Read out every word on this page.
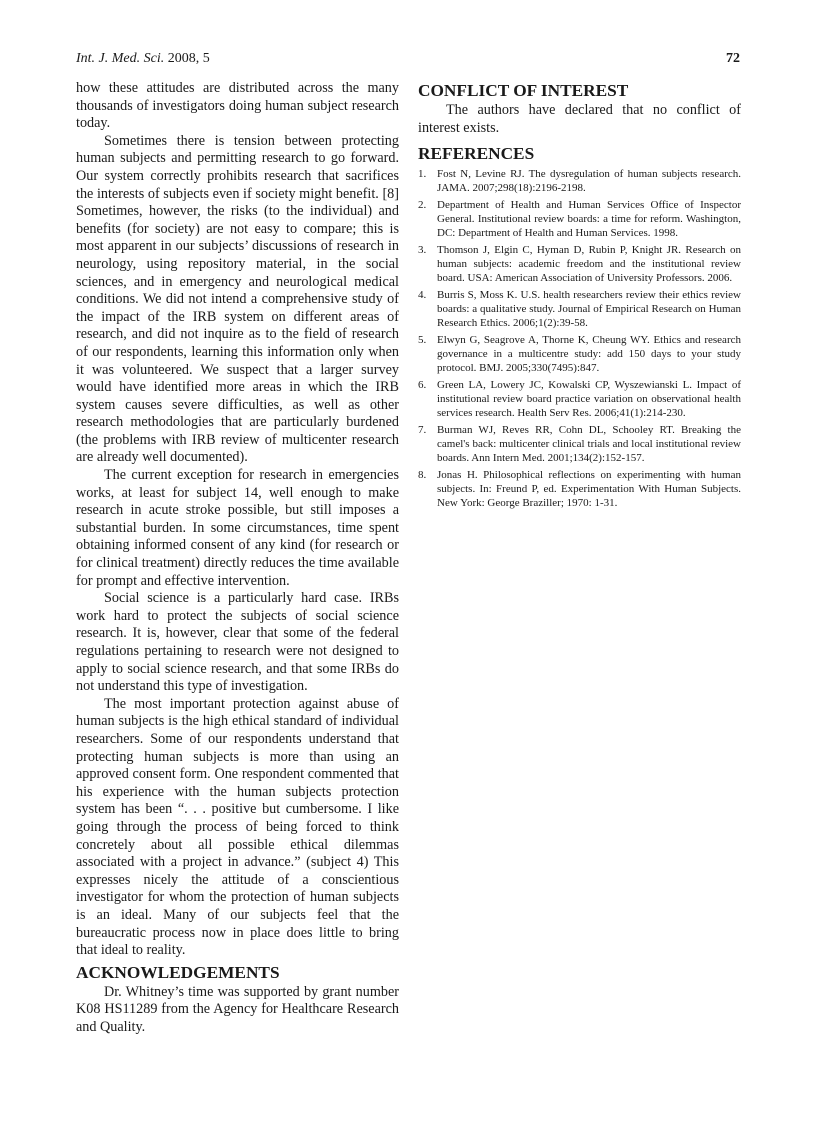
Int. J. Med. Sci. 2008, 5	72

how these attitudes are distributed across the many thousands of investigators doing human subject research today.

Sometimes there is tension between protecting human subjects and permitting research to go forward. Our system correctly prohibits research that sacrifices the interests of subjects even if society might benefit. [8] Sometimes, however, the risks (to the individual) and benefits (for society) are not easy to compare; this is most apparent in our subjects’ discussions of research in neurology, using repository material, in the social sciences, and in emergency and neurological medical conditions. We did not intend a comprehensive study of the impact of the IRB system on different areas of research, and did not inquire as to the field of research of our respondents, learning this information only when it was volunteered. We suspect that a larger survey would have identified more areas in which the IRB system causes severe difficulties, as well as other research methodologies that are particularly burdened (the problems with IRB review of multicenter research are already well documented).

The current exception for research in emergencies works, at least for subject 14, well enough to make research in acute stroke possible, but still imposes a substantial burden. In some circumstances, time spent obtaining informed consent of any kind (for research or for clinical treatment) directly reduces the time available for prompt and effective intervention.

Social science is a particularly hard case. IRBs work hard to protect the subjects of social science research. It is, however, clear that some of the federal regulations pertaining to research were not designed to apply to social science research, and that some IRBs do not understand this type of investigation.

The most important protection against abuse of human subjects is the high ethical standard of individual researchers. Some of our respondents understand that protecting human subjects is more than using an approved consent form. One respondent commented that his experience with the human subjects protection system has been “. . . positive but cumbersome. I like going through the process of being forced to think concretely about all possible ethical dilemmas associated with a project in advance.” (subject 4) This expresses nicely the attitude of a conscientious investigator for whom the protection of human subjects is an ideal. Many of our subjects feel that the bureaucratic process now in place does little to bring that ideal to reality.

ACKNOWLEDGEMENTS

Dr. Whitney’s time was supported by grant number K08 HS11289 from the Agency for Healthcare Research and Quality.

CONFLICT OF INTEREST

The authors have declared that no conflict of interest exists.

REFERENCES
1. Fost N, Levine RJ. The dysregulation of human subjects research. JAMA. 2007;298(18):2196-2198.
2. Department of Health and Human Services Office of Inspector General. Institutional review boards: a time for reform. Washington, DC: Department of Health and Human Services. 1998.
3. Thomson J, Elgin C, Hyman D, Rubin P, Knight JR. Research on human subjects: academic freedom and the institutional review board. USA: American Association of University Professors. 2006.
4. Burris S, Moss K. U.S. health researchers review their ethics review boards: a qualitative study. Journal of Empirical Research on Human Research Ethics. 2006;1(2):39-58.
5. Elwyn G, Seagrove A, Thorne K, Cheung WY. Ethics and research governance in a multicentre study: add 150 days to your study protocol. BMJ. 2005;330(7495):847.
6. Green LA, Lowery JC, Kowalski CP, Wyszewianski L. Impact of institutional review board practice variation on observational health services research. Health Serv Res. 2006;41(1):214-230.
7. Burman WJ, Reves RR, Cohn DL, Schooley RT. Breaking the camel's back: multicenter clinical trials and local institutional review boards. Ann Intern Med. 2001;134(2):152-157.
8. Jonas H. Philosophical reflections on experimenting with human subjects. In: Freund P, ed. Experimentation With Human Subjects. New York: George Braziller; 1970: 1-31.
